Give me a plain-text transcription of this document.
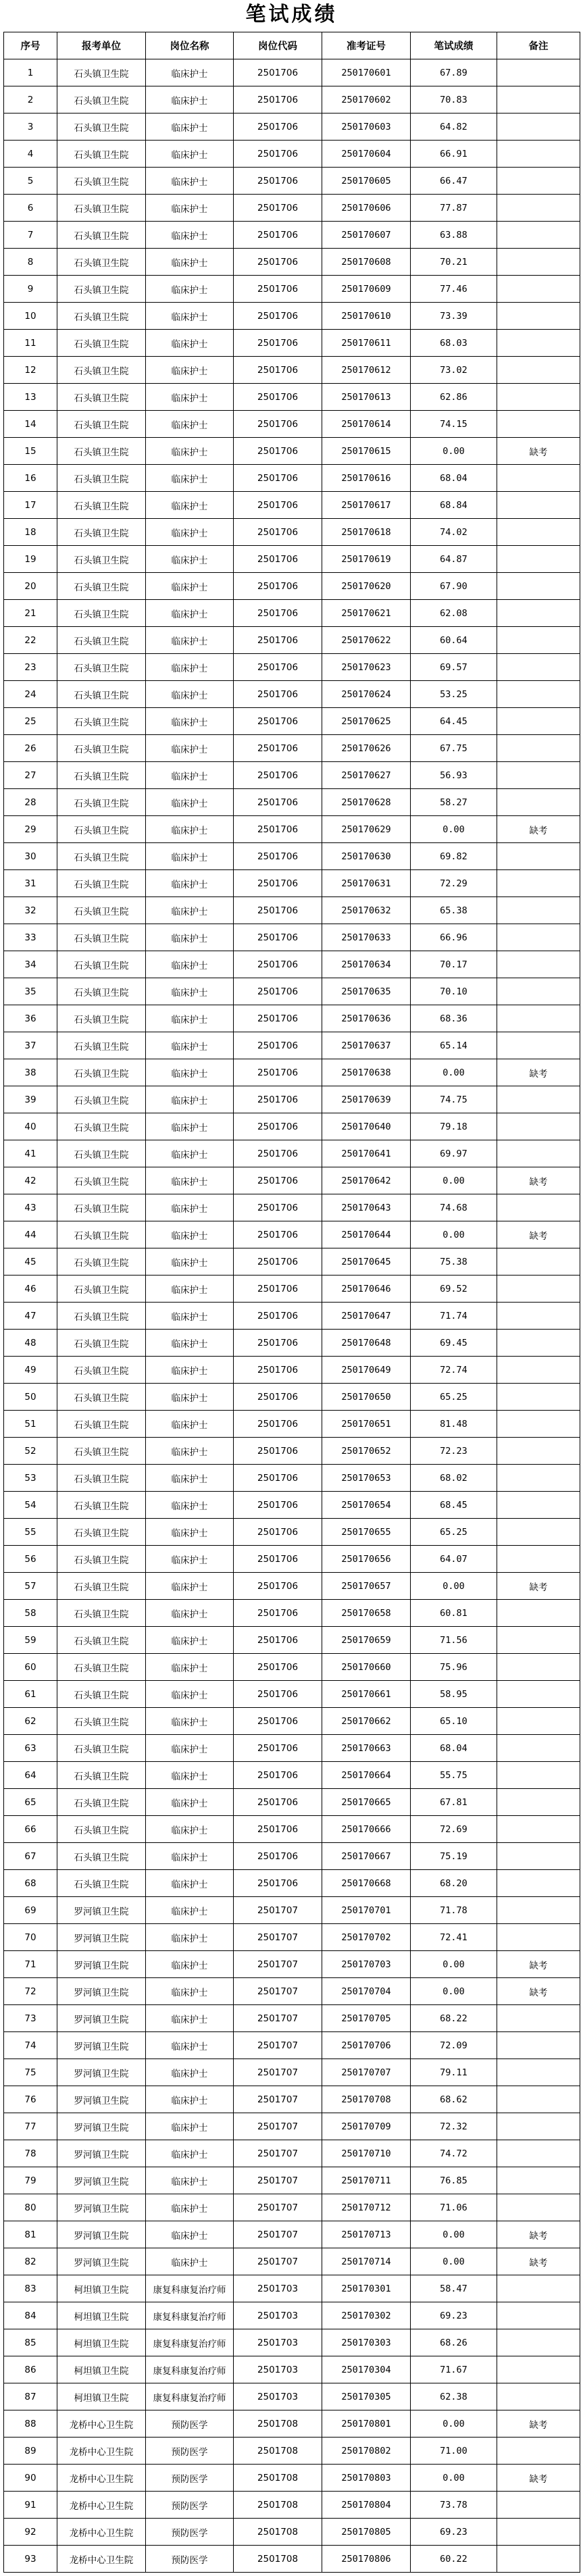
笔试成绩
序号	报考单位	岗位名称	岗位代码	准考证号	笔试成绩	备注
1	石头镇卫生院	临床护士	2501706	250170601	67.89	
2	石头镇卫生院	临床护士	2501706	250170602	70.83	
3	石头镇卫生院	临床护士	2501706	250170603	64.82	
4	石头镇卫生院	临床护士	2501706	250170604	66.91	
5	石头镇卫生院	临床护士	2501706	250170605	66.47	
6	石头镇卫生院	临床护士	2501706	250170606	77.87	
7	石头镇卫生院	临床护士	2501706	250170607	63.88	
8	石头镇卫生院	临床护士	2501706	250170608	70.21	
9	石头镇卫生院	临床护士	2501706	250170609	77.46	
10	石头镇卫生院	临床护士	2501706	250170610	73.39	
11	石头镇卫生院	临床护士	2501706	250170611	68.03	
12	石头镇卫生院	临床护士	2501706	250170612	73.02	
13	石头镇卫生院	临床护士	2501706	250170613	62.86	
14	石头镇卫生院	临床护士	2501706	250170614	74.15	
15	石头镇卫生院	临床护士	2501706	250170615	0.00	缺考
16	石头镇卫生院	临床护士	2501706	250170616	68.04	
17	石头镇卫生院	临床护士	2501706	250170617	68.84	
18	石头镇卫生院	临床护士	2501706	250170618	74.02	
19	石头镇卫生院	临床护士	2501706	250170619	64.87	
20	石头镇卫生院	临床护士	2501706	250170620	67.90	
21	石头镇卫生院	临床护士	2501706	250170621	62.08	
22	石头镇卫生院	临床护士	2501706	250170622	60.64	
23	石头镇卫生院	临床护士	2501706	250170623	69.57	
24	石头镇卫生院	临床护士	2501706	250170624	53.25	
25	石头镇卫生院	临床护士	2501706	250170625	64.45	
26	石头镇卫生院	临床护士	2501706	250170626	67.75	
27	石头镇卫生院	临床护士	2501706	250170627	56.93	
28	石头镇卫生院	临床护士	2501706	250170628	58.27	
29	石头镇卫生院	临床护士	2501706	250170629	0.00	缺考
30	石头镇卫生院	临床护士	2501706	250170630	69.82	
31	石头镇卫生院	临床护士	2501706	250170631	72.29	
32	石头镇卫生院	临床护士	2501706	250170632	65.38	
33	石头镇卫生院	临床护士	2501706	250170633	66.96	
34	石头镇卫生院	临床护士	2501706	250170634	70.17	
35	石头镇卫生院	临床护士	2501706	250170635	70.10	
36	石头镇卫生院	临床护士	2501706	250170636	68.36	
37	石头镇卫生院	临床护士	2501706	250170637	65.14	
38	石头镇卫生院	临床护士	2501706	250170638	0.00	缺考
39	石头镇卫生院	临床护士	2501706	250170639	74.75	
40	石头镇卫生院	临床护士	2501706	250170640	79.18	
41	石头镇卫生院	临床护士	2501706	250170641	69.97	
42	石头镇卫生院	临床护士	2501706	250170642	0.00	缺考
43	石头镇卫生院	临床护士	2501706	250170643	74.68	
44	石头镇卫生院	临床护士	2501706	250170644	0.00	缺考
45	石头镇卫生院	临床护士	2501706	250170645	75.38	
46	石头镇卫生院	临床护士	2501706	250170646	69.52	
47	石头镇卫生院	临床护士	2501706	250170647	71.74	
48	石头镇卫生院	临床护士	2501706	250170648	69.45	
49	石头镇卫生院	临床护士	2501706	250170649	72.74	
50	石头镇卫生院	临床护士	2501706	250170650	65.25	
51	石头镇卫生院	临床护士	2501706	250170651	81.48	
52	石头镇卫生院	临床护士	2501706	250170652	72.23	
53	石头镇卫生院	临床护士	2501706	250170653	68.02	
54	石头镇卫生院	临床护士	2501706	250170654	68.45	
55	石头镇卫生院	临床护士	2501706	250170655	65.25	
56	石头镇卫生院	临床护士	2501706	250170656	64.07	
57	石头镇卫生院	临床护士	2501706	250170657	0.00	缺考
58	石头镇卫生院	临床护士	2501706	250170658	60.81	
59	石头镇卫生院	临床护士	2501706	250170659	71.56	
60	石头镇卫生院	临床护士	2501706	250170660	75.96	
61	石头镇卫生院	临床护士	2501706	250170661	58.95	
62	石头镇卫生院	临床护士	2501706	250170662	65.10	
63	石头镇卫生院	临床护士	2501706	250170663	68.04	
64	石头镇卫生院	临床护士	2501706	250170664	55.75	
65	石头镇卫生院	临床护士	2501706	250170665	67.81	
66	石头镇卫生院	临床护士	2501706	250170666	72.69	
67	石头镇卫生院	临床护士	2501706	250170667	75.19	
68	石头镇卫生院	临床护士	2501706	250170668	68.20	
69	罗河镇卫生院	临床护士	2501707	250170701	71.78	
70	罗河镇卫生院	临床护士	2501707	250170702	72.41	
71	罗河镇卫生院	临床护士	2501707	250170703	0.00	缺考
72	罗河镇卫生院	临床护士	2501707	250170704	0.00	缺考
73	罗河镇卫生院	临床护士	2501707	250170705	68.22	
74	罗河镇卫生院	临床护士	2501707	250170706	72.09	
75	罗河镇卫生院	临床护士	2501707	250170707	79.11	
76	罗河镇卫生院	临床护士	2501707	250170708	68.62	
77	罗河镇卫生院	临床护士	2501707	250170709	72.32	
78	罗河镇卫生院	临床护士	2501707	250170710	74.72	
79	罗河镇卫生院	临床护士	2501707	250170711	76.85	
80	罗河镇卫生院	临床护士	2501707	250170712	71.06	
81	罗河镇卫生院	临床护士	2501707	250170713	0.00	缺考
82	罗河镇卫生院	临床护士	2501707	250170714	0.00	缺考
83	柯坦镇卫生院	康复科康复治疗师	2501703	250170301	58.47	
84	柯坦镇卫生院	康复科康复治疗师	2501703	250170302	69.23	
85	柯坦镇卫生院	康复科康复治疗师	2501703	250170303	68.26	
86	柯坦镇卫生院	康复科康复治疗师	2501703	250170304	71.67	
87	柯坦镇卫生院	康复科康复治疗师	2501703	250170305	62.38	
88	龙桥中心卫生院	预防医学	2501708	250170801	0.00	缺考
89	龙桥中心卫生院	预防医学	2501708	250170802	71.00	
90	龙桥中心卫生院	预防医学	2501708	250170803	0.00	缺考
91	龙桥中心卫生院	预防医学	2501708	250170804	73.78	
92	龙桥中心卫生院	预防医学	2501708	250170805	69.23	
93	龙桥中心卫生院	预防医学	2501708	250170806	60.22	
